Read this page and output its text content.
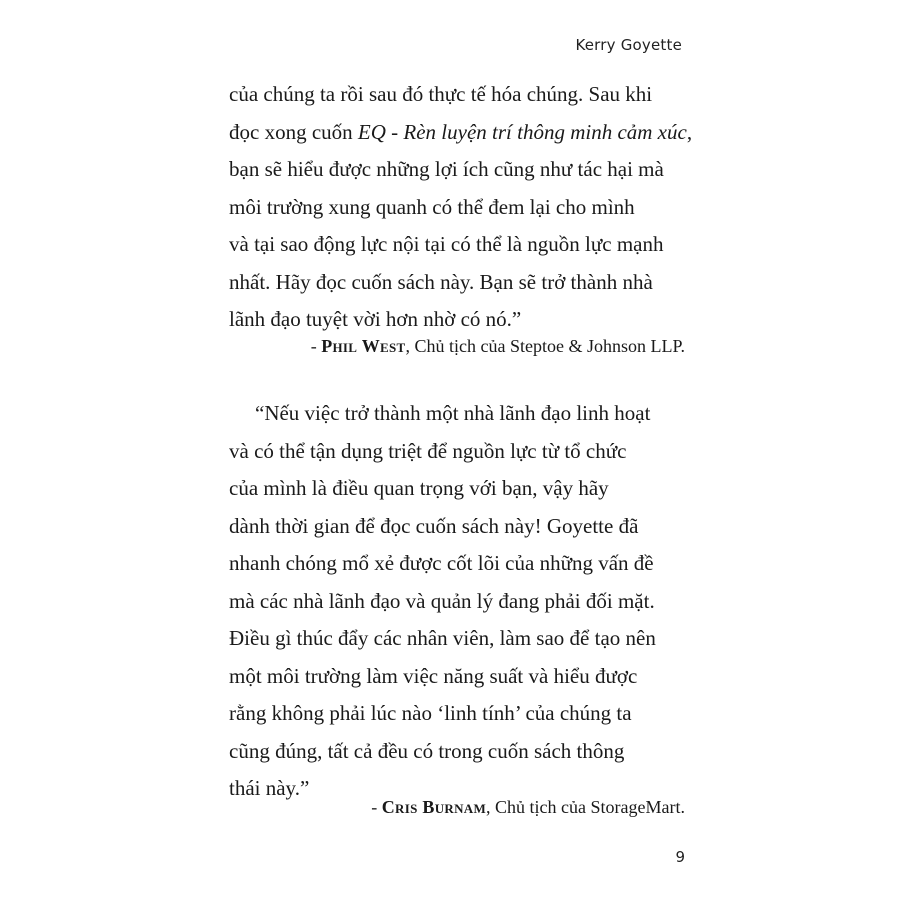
Kerry Goyette
của chúng ta rồi sau đó thực tế hóa chúng. Sau khi
đọc xong cuốn EQ - Rèn luyện trí thông minh cảm xúc,
bạn sẽ hiểu được những lợi ích cũng như tác hại mà
môi trường xung quanh có thể đem lại cho mình
và tại sao động lực nội tại có thể là nguồn lực mạnh
nhất. Hãy đọc cuốn sách này. Bạn sẽ trở thành nhà
lãnh đạo tuyệt vời hơn nhờ có nó.”
- Phil West, Chủ tịch của Steptoe & Johnson LLP.
“Nếu việc trở thành một nhà lãnh đạo linh hoạt
và có thể tận dụng triệt để nguồn lực từ tổ chức
của mình là điều quan trọng với bạn, vậy hãy
dành thời gian để đọc cuốn sách này! Goyette đã
nhanh chóng mổ xẻ được cốt lõi của những vấn đề
mà các nhà lãnh đạo và quản lý đang phải đối mặt.
Điều gì thúc đẩy các nhân viên, làm sao để tạo nên
một môi trường làm việc năng suất và hiểu được
rằng không phải lúc nào ‘linh tính’ của chúng ta
cũng đúng, tất cả đều có trong cuốn sách thông
thái này.”
- Cris Burnam, Chủ tịch của StorageMart.
9
